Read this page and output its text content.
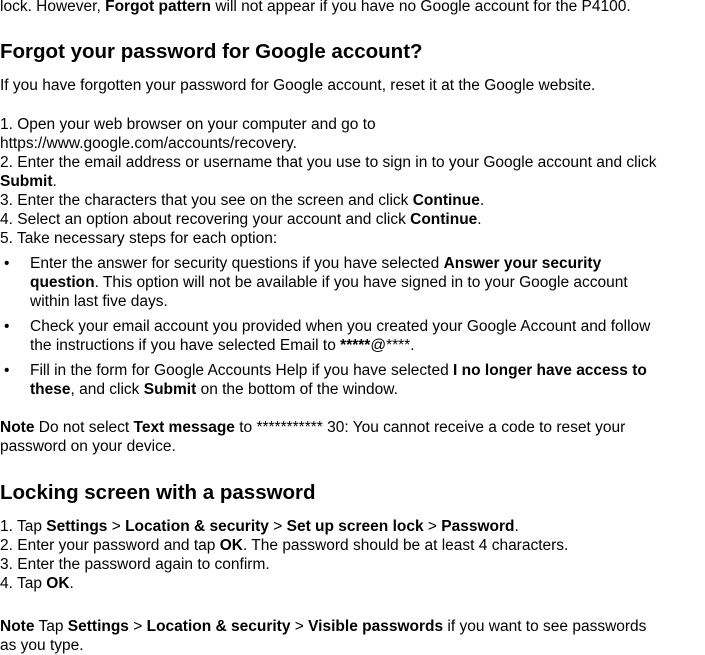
lock. However, Forgot pattern will not appear if you have no Google account for the P4100.
Forgot your password for Google account?
If you have forgotten your password for Google account, reset it at the Google website.
1. Open your web browser on your computer and go to
https://www.google.com/accounts/recovery.
2. Enter the email address or username that you use to sign in to your Google account and click
Submit.
3. Enter the characters that you see on the screen and click Continue.
4. Select an option about recovering your account and click Continue.
5. Take necessary steps for each option:
• Enter the answer for security questions if you have selected Answer your security
question. This option will not be available if you have signed in to your Google account
within last five days.
• Check your email account you provided when you created your Google Account and follow
the instructions if you have selected Email to *****@****.
• Fill in the form for Google Accounts Help if you have selected I no longer have access to
these, and click Submit on the bottom of the window.
Note Do not select Text message to *********** 30: You cannot receive a code to reset your
password on your device.
Locking screen with a password
1. Tap Settings > Location & security > Set up screen lock > Password.
2. Enter your password and tap OK. The password should be at least 4 characters.
3. Enter the password again to confirm.
4. Tap OK.
Note Tap Settings > Location & security > Visible passwords if you want to see passwords
as you type.
